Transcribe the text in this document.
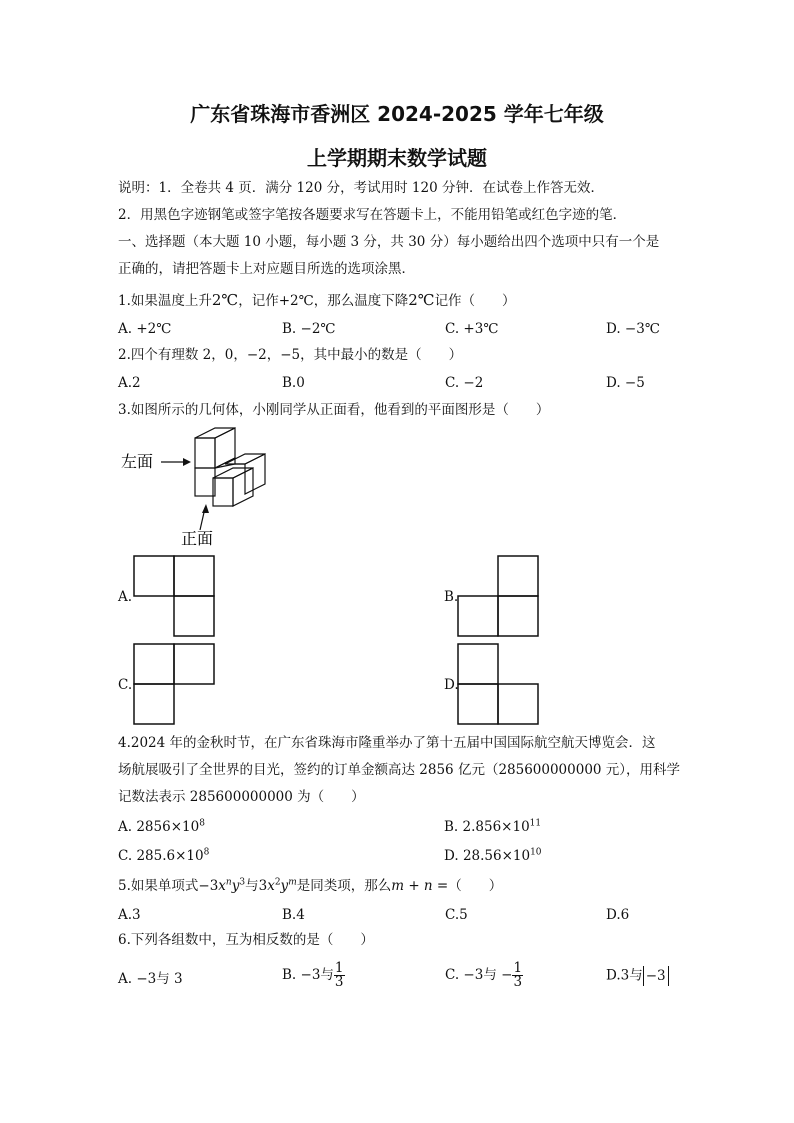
广东省珠海市香洲区 2024-2025 学年七年级
上学期期末数学试题
说明：1．全卷共 4 页．满分 120 分，考试用时 120 分钟．在试卷上作答无效．
2．用黑色字迹钢笔或签字笔按各题要求写在答题卡上，不能用铅笔或红色字迹的笔．
一、选择题（本大题 10 小题，每小题 3 分，共 30 分）每小题给出四个选项中只有一个是
正确的，请把答题卡上对应题目所选的选项涂黑．
1.如果温度上升2℃，记作+2℃，那么温度下降2℃记作（　　）
A. +2℃	B. −2℃	C. +3℃	D. −3℃
2.四个有理数 2，0，−2，−5，其中最小的数是（　　）
A.2	B.0	C. −2	D. −5
3.如图所示的几何体，小刚同学从正面看，他看到的平面图形是（　　）
左面
正面
A.	B.
C.	D.
4.2024 年的金秋时节，在广东省珠海市隆重举办了第十五届中国国际航空航天博览会．这
场航展吸引了全世界的目光，签约的订单金额高达 2856 亿元（285600000000 元），用科学
记数法表示 285600000000 为（　　）
A. $2856\times 10^8$	B. $2.856\times 10^{11}$
C. $285.6\times 10^8$	D. $28.56\times 10^{10}$
5.如果单项式$-3x^ny^3$与$3x^2y^m$是同类项，那么m + n =（　　）
A.3	B.4	C.5	D.6
6.下列各组数中，互为相反数的是（　　）
A. −3与 3	B. −3与 $\frac{1}{3}$	C. −3与 − $\frac{1}{3}$	D.3与 −3
